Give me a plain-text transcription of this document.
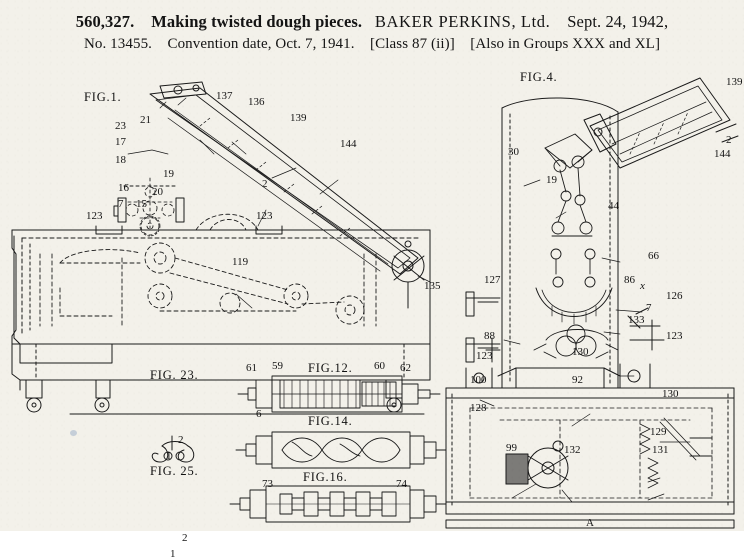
560,327. Making twisted dough pieces. BAKER PERKINS, Ltd. Sept. 24, 1942,
No. 13455. Convention date, Oct. 7, 1941. [Class 87 (ii)] [Also in Groups XXX and XL]
FIG.1.
FIG.4.
FIG. 23.	FIG.12.
FIG.14.
FIG. 25.	FIG.16.
23 21
17
18
19
16 20
7 15
123
137 136
139
144
2
123
119
135
139
2
144
30
19
44
66
86
127
7
133
126
88
123	130
123
100	92
130
128
99	132
129
131
x
A
61 59	60 62
6
73	74
2
1
2
1
